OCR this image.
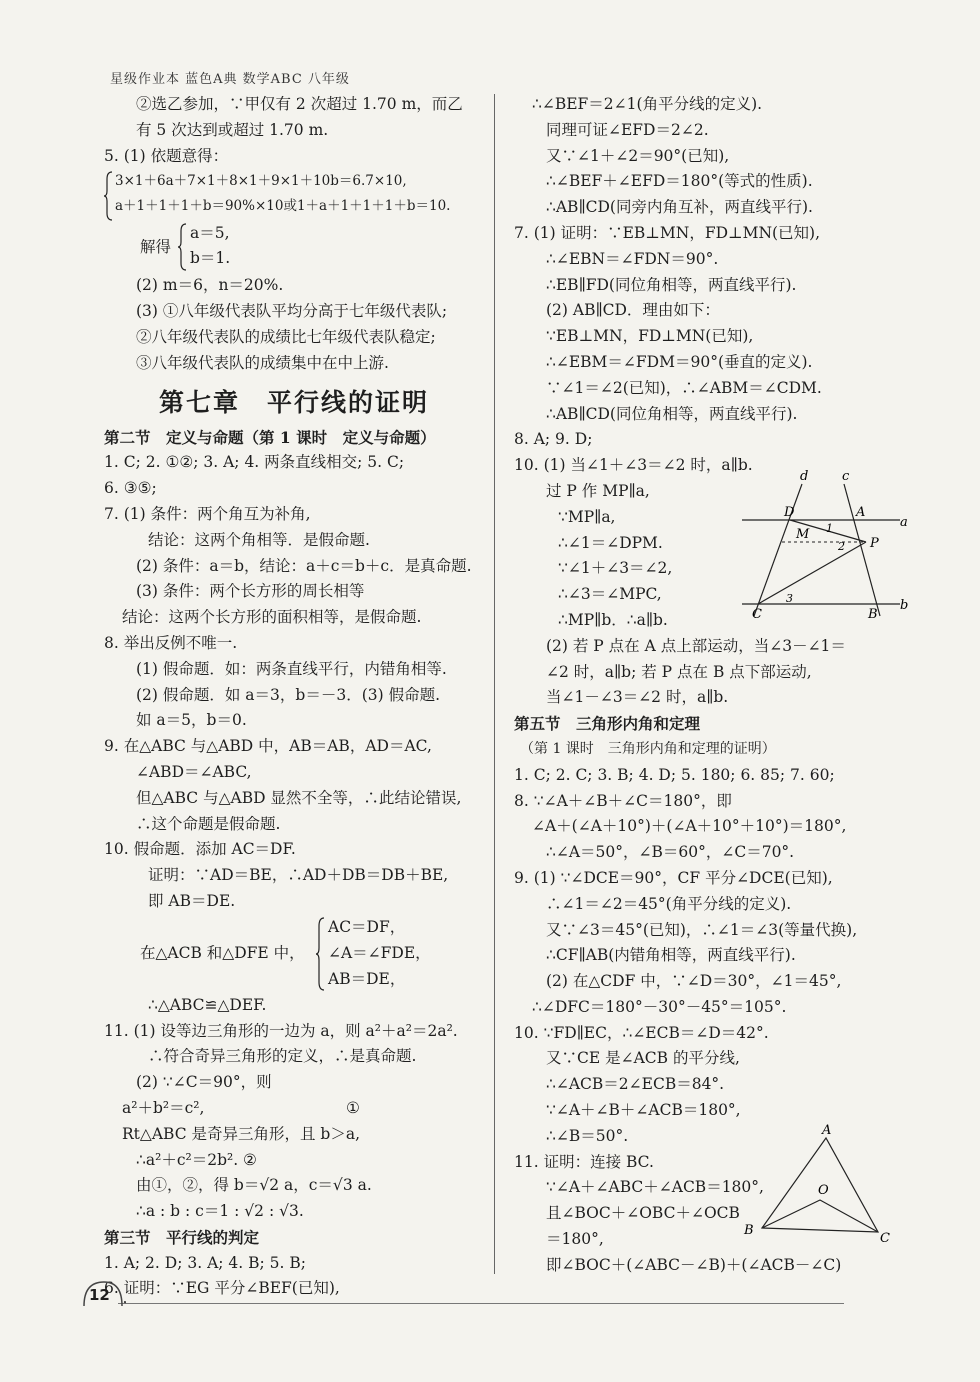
星级作业本 蓝色A典 数学ABC 八年级
②选乙参加，∵甲仅有 2 次超过 1.70 m，而乙
有 5 次达到或超过 1.70 m.
5. (1) 依题意得：
3×1＋6a＋7×1＋8×1＋9×1＋10b＝6.7×10,
a＋1＋1＋1＋b＝90%×10或1＋a＋1＋1＋1＋b＝10.
解得
a＝5,
b＝1.
(2) m＝6，n＝20%.
(3) ①八年级代表队平均分高于七年级代表队;
②八年级代表队的成绩比七年级代表队稳定;
③八年级代表队的成绩集中在中上游.
第七章　平行线的证明
第二节　定义与命题（第 1 课时　定义与命题）
1. C; 2. ①②; 3. A; 4. 两条直线相交; 5. C;
6. ③⑤;
7. (1) 条件：两个角互为补角,
结论：这两个角相等．是假命题.
(2) 条件：a＝b，结论：a＋c＝b＋c．是真命题.
(3) 条件：两个长方形的周长相等
结论：这两个长方形的面积相等，是假命题.
8. 举出反例不唯一.
(1) 假命题．如：两条直线平行，内错角相等.
(2) 假命题．如 a＝3，b＝－3．(3) 假命题.
如 a＝5，b＝0.
9. 在△ABC 与△ABD 中，AB＝AB，AD＝AC,
∠ABD＝∠ABC,
但△ABC 与△ABD 显然不全等，∴此结论错误,
∴这个命题是假命题.
10. 假命题．添加 AC＝DF.
证明：∵AD＝BE，∴AD＋DB＝DB＋BE,
即 AB＝DE.
在△ACB 和△DFE 中，
AC＝DF，
∠A＝∠FDE，
AB＝DE，
∴△ABC≌△DEF.
11. (1) 设等边三角形的一边为 a，则 a²＋a²＝2a².
∴符合奇异三角形的定义，∴是真命题.
(2) ∵∠C＝90°，则
a²＋b²＝c²,	①
Rt△ABC 是奇异三角形，且 b＞a,
∴a²＋c²＝2b². ②
由①，②，得 b＝√2 a，c＝√3 a.
∴a : b : c＝1 : √2 : √3.
第三节　平行线的判定
1. A; 2. D; 3. A; 4. B; 5. B;
6. 证明：∵EG 平分∠BEF(已知),
∴∠BEF＝2∠1(角平分线的定义).
同理可证∠EFD＝2∠2.
又∵∠1＋∠2＝90°(已知),
∴∠BEF＋∠EFD＝180°(等式的性质).
∴AB∥CD(同旁内角互补，两直线平行).
7. (1) 证明：∵EB⊥MN，FD⊥MN(已知),
∴∠EBN＝∠FDN＝90°.
∴EB∥FD(同位角相等，两直线平行).
(2) AB∥CD．理由如下：
∵EB⊥MN，FD⊥MN(已知),
∴∠EBM＝∠FDM＝90°(垂直的定义).
∵∠1＝∠2(已知)，∴∠ABM＝∠CDM.
∴AB∥CD(同位角相等，两直线平行).
8. A; 9. D;
10. (1) 当∠1＋∠3＝∠2 时，a∥b.
过 P 作 MP∥a,
∵MP∥a,
∴∠1＝∠DPM.
∵∠1＋∠3＝∠2,
∴∠3＝∠MPC,
∴MP∥b．∴a∥b.
(2) 若 P 点在 A 点上部运动，当∠3－∠1＝
∠2 时，a∥b; 若 P 点在 B 点下部运动,
当∠1－∠3＝∠2 时，a∥b.
第五节　三角形内角和定理
（第 1 课时　三角形内角和定理的证明）
1. C; 2. C; 3. B; 4. D; 5. 180; 6. 85; 7. 60;
8. ∵∠A＋∠B＋∠C＝180°，即
∠A＋(∠A＋10°)＋(∠A＋10°＋10°)＝180°,
∴∠A＝50°，∠B＝60°，∠C＝70°.
9. (1) ∵∠DCE＝90°，CF 平分∠DCE(已知),
∴∠1＝∠2＝45°(角平分线的定义).
又∵∠3＝45°(已知)，∴∠1＝∠3(等量代换),
∴CF∥AB(内错角相等，两直线平行).
(2) 在△CDF 中，∵∠D＝30°，∠1＝45°,
∴∠DFC＝180°－30°－45°＝105°.
10. ∵FD∥EC，∴∠ECB＝∠D＝42°.
又∵CE 是∠ACB 的平分线,
∴∠ACB＝2∠ECB＝84°.
∵∠A＋∠B＋∠ACB＝180°,
∴∠B＝50°.
11. 证明：连接 BC.
∵∠A＋∠ABC＋∠ACB＝180°,
且∠BOC＋∠OBC＋∠OCB
＝180°,
即∠BOC＋(∠ABC－∠B)＋(∠ACB－∠C)
d	c
a
b
D	A
M
P
C	B
1
2
3
A
O
B
C
12
